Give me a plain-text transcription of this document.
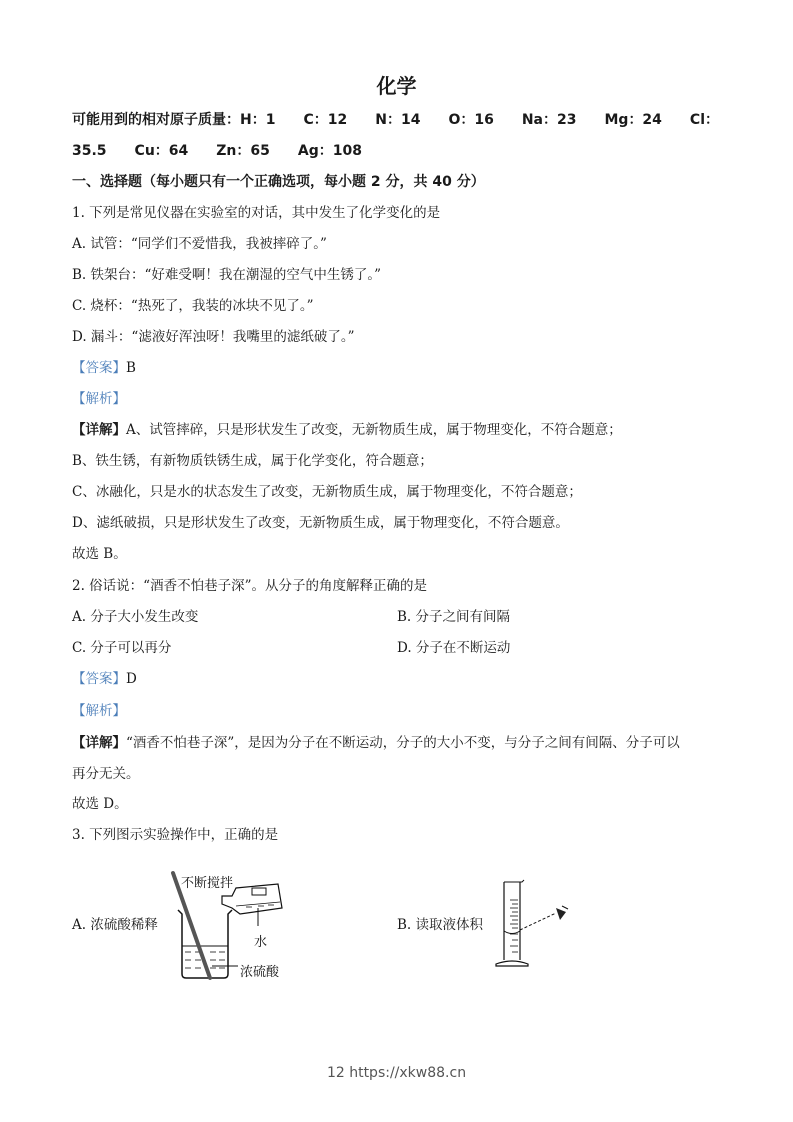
化学
可能用到的相对原子质量：H：1 C：12 N：14 O：16 Na：23 Mg：24 Cl：
35.5 Cu：64 Zn：65 Ag：108
一、选择题（每小题只有一个正确选项，每小题 2 分，共 40 分）
1. 下列是常见仪器在实验室的对话，其中发生了化学变化的是
A. 试管：“同学们不爱惜我，我被摔碎了。”
B. 铁架台：“好难受啊！我在潮湿的空气中生锈了。”
C. 烧杯：“热死了，我装的冰块不见了。”
D. 漏斗：“滤液好浑浊呀！我嘴里的滤纸破了。”
【答案】B
【解析】
【详解】A、试管摔碎，只是形状发生了改变，无新物质生成，属于物理变化，不符合题意；
B、铁生锈，有新物质铁锈生成，属于化学变化，符合题意；
C、冰融化，只是水的状态发生了改变，无新物质生成，属于物理变化，不符合题意；
D、滤纸破损，只是形状发生了改变，无新物质生成，属于物理变化，不符合题意。
故选 B。
2. 俗话说：“酒香不怕巷子深”。从分子的角度解释正确的是
A. 分子大小发生改变	B. 分子之间有间隔
C. 分子可以再分	D. 分子在不断运动
【答案】D
【解析】
【详解】“酒香不怕巷子深”，是因为分子在不断运动，分子的大小不变，与分子之间有间隔、分子可以
再分无关。
故选 D。
3. 下列图示实验操作中，正确的是
A. 浓硫酸稀释	B. 读取液体积
不断搅拌
水
浓硫酸
12 https://xkw88.cn
